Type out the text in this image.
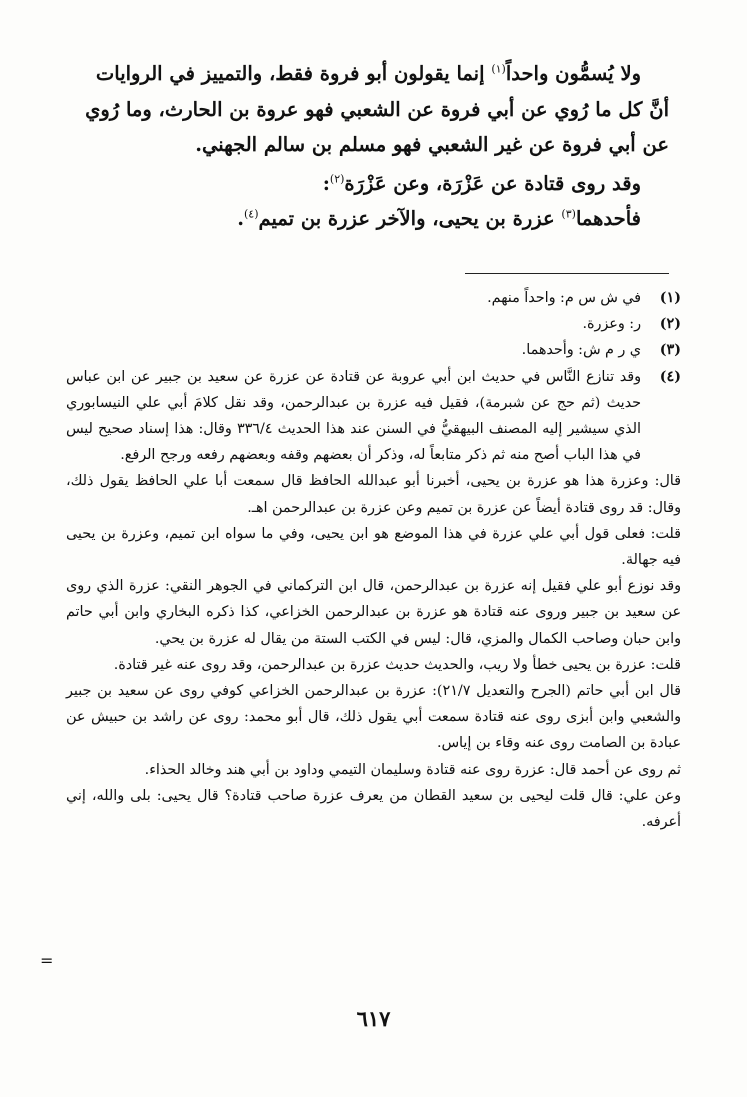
ولا يُسمُّون واحداً$^{(١)}$ إنما يقولون أبو فروة فقط، والتمييز في الروايات

أنَّ كل ما رُوي عن أبي فروة عن الشعبي فهو عروة بن الحارث، وما رُوي

عن أبي فروة عن غير الشعبي فهو مسلم بن سالم الجهني.

وقد روى قتادة عن عَزْرَة، وعن عَزْرَة$^{(٢)}$:

فأحدهما$^{(٣)}$ عزرة بن يحيى، والآخر عزرة بن تميم$^{(٤)}$.

(١)
في ش س م: واحداً منهم.
(٢)
ر: وعزرة.
(٣)
ي ر م ش: وأحدهما.
(٤)

وقد تنازع النَّاس في حديث ابن أبي عروبة عن قتادة عن عزرة عن سعيد بن جبير عن ابن عباس حديث (ثم حج عن شبرمة)، فقيل فيه عزرة بن عبدالرحمن، وقد نقل كلامَ أبي علي النيسابوري الذي سيشير إليه المصنف البيهقيُّ في السنن عند هذا الحديث ٣٣٦/٤ وقال: هذا إسناد صحيح ليس في هذا الباب أصح منه ثم ذكر متابعاً له، وذكر أن بعضهم وقفه وبعضهم رفعه ورجح الرفع.

قال: وعزرة هذا هو عزرة بن يحيى، أخبرنا أبو عبدالله الحافظ قال سمعت أبا علي الحافظ يقول ذلك، وقال: قد روى قتادة أيضاً عن عزرة بن تميم وعن عزرة بن عبدالرحمن اهـ.

قلت: فعلى قول أبي علي عزرة في هذا الموضع هو ابن يحيى، وفي ما سواه ابن تميم، وعزرة بن يحيى فيه جهالة.

وقد نوزع أبو علي فقيل إنه عزرة بن عبدالرحمن، قال ابن التركماني في الجوهر النقي: عزرة الذي روى عن سعيد بن جبير وروى عنه قتادة هو عزرة بن عبدالرحمن الخزاعي، كذا ذكره البخاري وابن أبي حاتم وابن حبان وصاحب الكمال والمزي، قال: ليس في الكتب الستة من يقال له عزرة بن يحي.

قلت: عزرة بن يحيى خطأ ولا ريب، والحديث حديث عزرة بن عبدالرحمن، وقد روى عنه غير قتادة.

قال ابن أبي حاتم (الجرح والتعديل ٢١/٧): عزرة بن عبدالرحمن الخزاعي كوفي روى عن سعيد بن جبير والشعبي وابن أبزى روى عنه قتادة سمعت أبي يقول ذلك، قال أبو محمد: روى عن راشد بن حبيش عن عبادة بن الصامت روى عنه وقاء بن إياس.

ثم روى عن أحمد قال: عزرة روى عنه قتادة وسليمان التيمي وداود بن أبي هند وخالد الحذاء.

وعن علي: قال قلت ليحيى بن سعيد القطان من يعرف عزرة صاحب قتادة؟ قال يحيى: بلى والله، إني أعرفه.

=
٦١٧
